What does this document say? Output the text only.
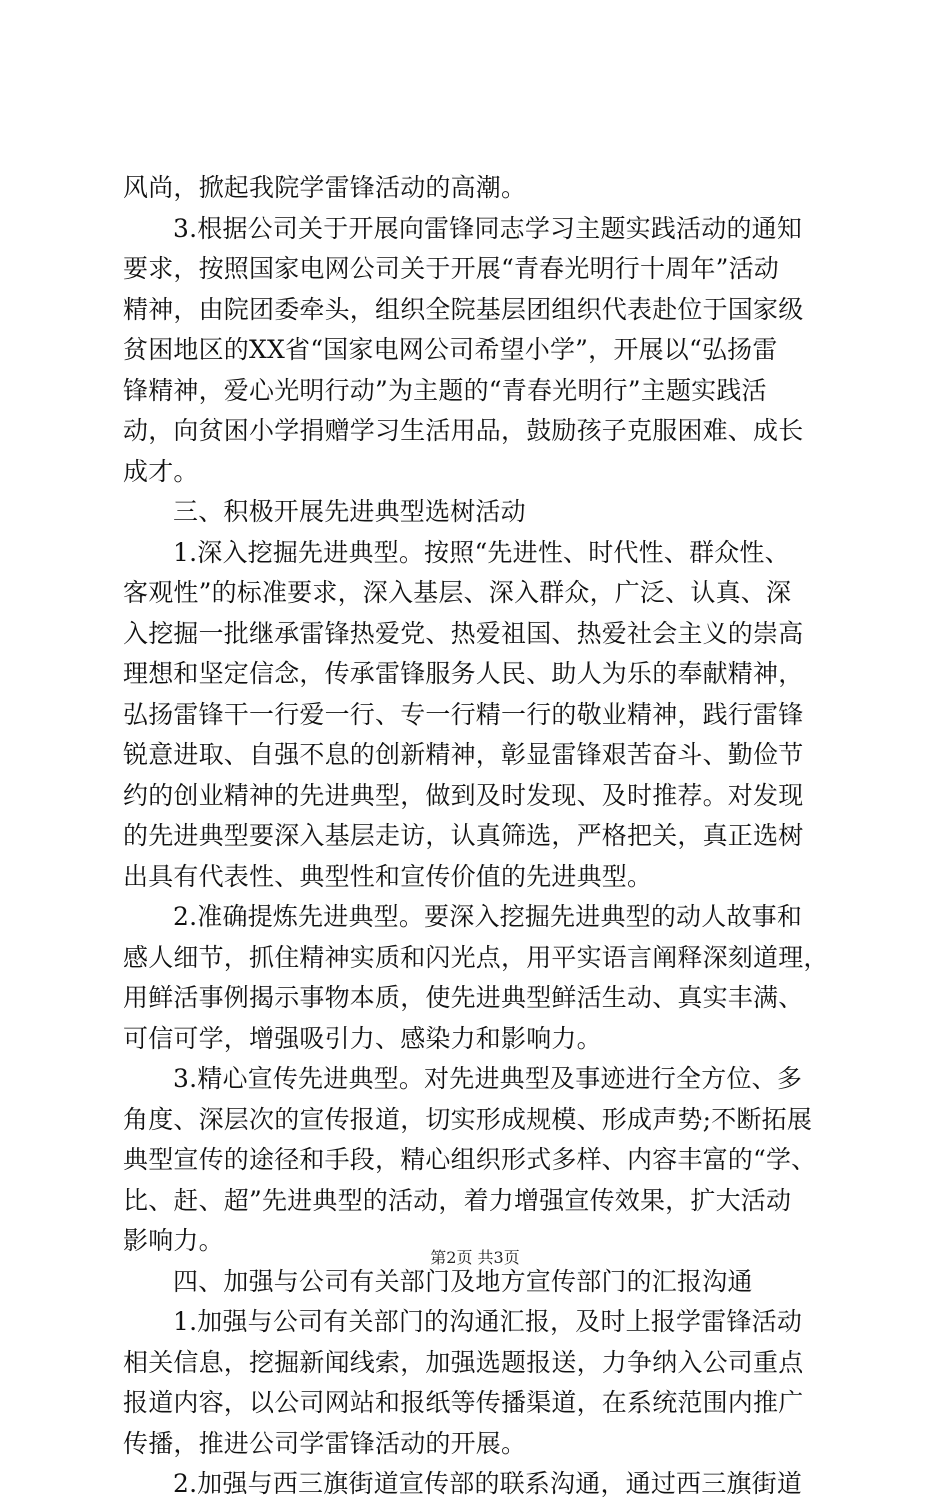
风尚，掀起我院学雷锋活动的高潮。
3.根据公司关于开展向雷锋同志学习主题实践活动的通知
要求，按照国家电网公司关于开展“青春光明行十周年”活动
精神，由院团委牵头，组织全院基层团组织代表赴位于国家级
贫困地区的XX省“国家电网公司希望小学”，开展以“弘扬雷
锋精神，爱心光明行动”为主题的“青春光明行”主题实践活
动，向贫困小学捐赠学习生活用品，鼓励孩子克服困难、成长
成才。
三、积极开展先进典型选树活动
1.深入挖掘先进典型。按照“先进性、时代性、群众性、
客观性”的标准要求，深入基层、深入群众，广泛、认真、深
入挖掘一批继承雷锋热爱党、热爱祖国、热爱社会主义的崇高
理想和坚定信念，传承雷锋服务人民、助人为乐的奉献精神，
弘扬雷锋干一行爱一行、专一行精一行的敬业精神，践行雷锋
锐意进取、自强不息的创新精神，彰显雷锋艰苦奋斗、勤俭节
约的创业精神的先进典型，做到及时发现、及时推荐。对发现
的先进典型要深入基层走访，认真筛选，严格把关，真正选树
出具有代表性、典型性和宣传价值的先进典型。
2.准确提炼先进典型。要深入挖掘先进典型的动人故事和
感人细节，抓住精神实质和闪光点，用平实语言阐释深刻道理，
用鲜活事例揭示事物本质，使先进典型鲜活生动、真实丰满、
可信可学，增强吸引力、感染力和影响力。
3.精心宣传先进典型。对先进典型及事迹进行全方位、多
角度、深层次的宣传报道，切实形成规模、形成声势;不断拓展
典型宣传的途径和手段，精心组织形式多样、内容丰富的“学、
比、赶、超”先进典型的活动，着力增强宣传效果，扩大活动
影响力。
四、加强与公司有关部门及地方宣传部门的汇报沟通
1.加强与公司有关部门的沟通汇报，及时上报学雷锋活动
相关信息，挖掘新闻线索，加强选题报送，力争纳入公司重点
报道内容，以公司网站和报纸等传播渠道，在系统范围内推广
传播，推进公司学雷锋活动的开展。
2.加强与西三旗街道宣传部的联系沟通，通过西三旗街道
第2页 共3页
